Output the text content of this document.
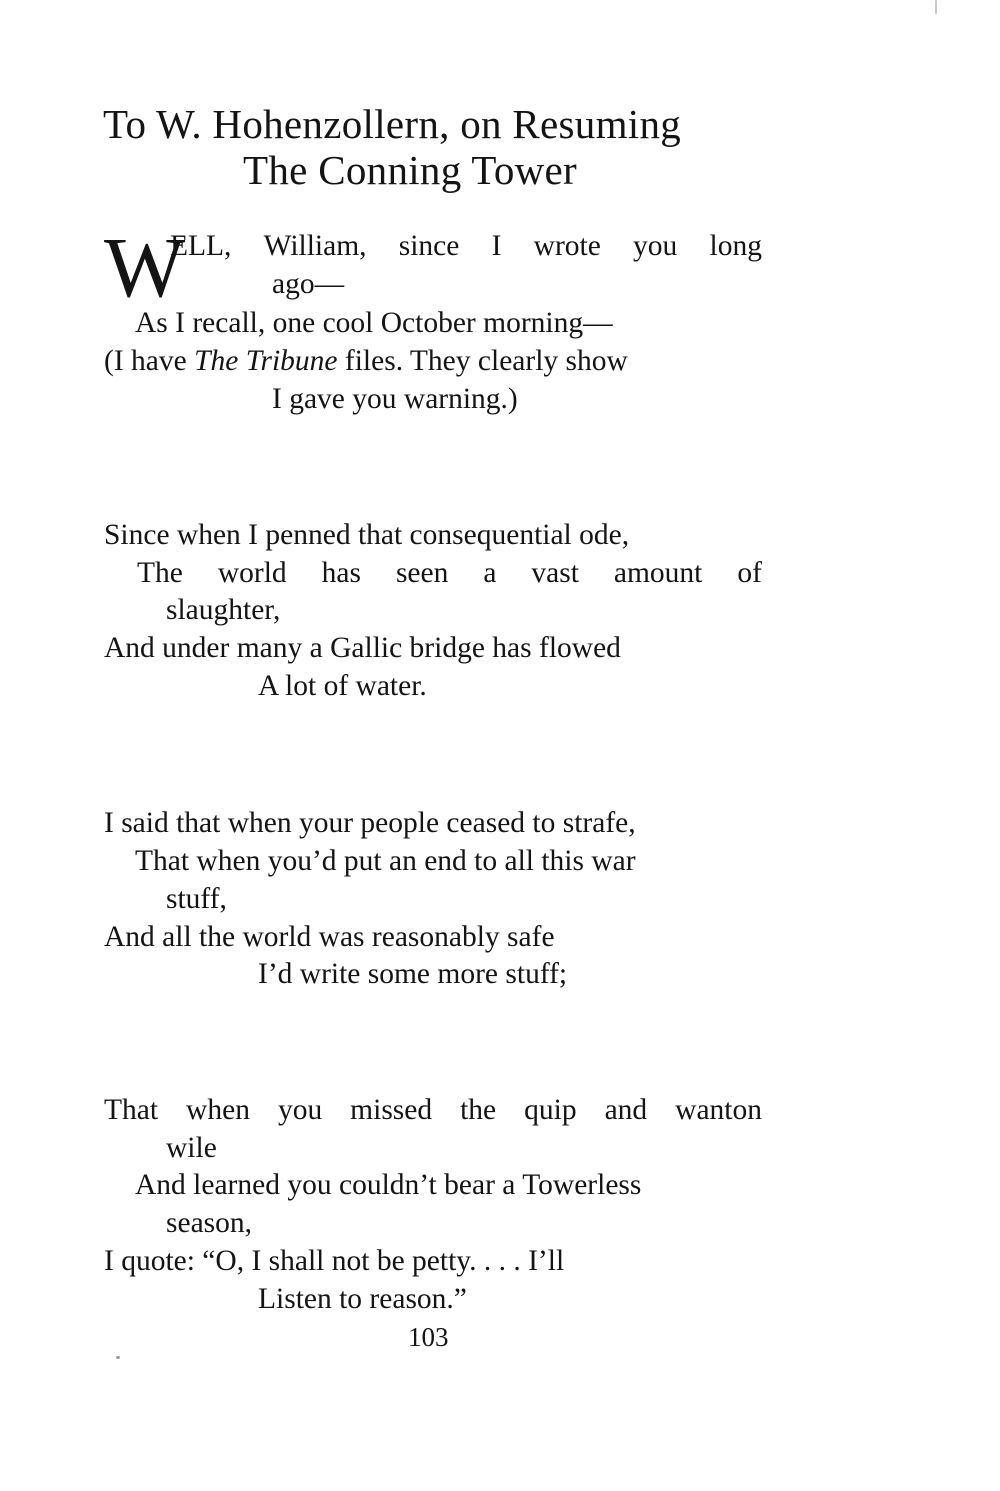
To W. Hohenzollern, on Resuming
The Conning Tower
W
ELL, William, since I wrote you long
ago—
As I recall, one cool October morning—
(I have The Tribune files. They clearly show
I gave you warning.)
Since when I penned that consequential ode,
The world has seen a vast amount of
slaughter,
And under many a Gallic bridge has flowed
A lot of water.
I said that when your people ceased to strafe,
That when you’d put an end to all this war
stuff,
And all the world was reasonably safe
I’d write some more stuff;
That when you missed the quip and wanton
wile
And learned you couldn’t bear a Towerless
season,
I quote: “O, I shall not be petty. . . . I’ll
Listen to reason.”
103
